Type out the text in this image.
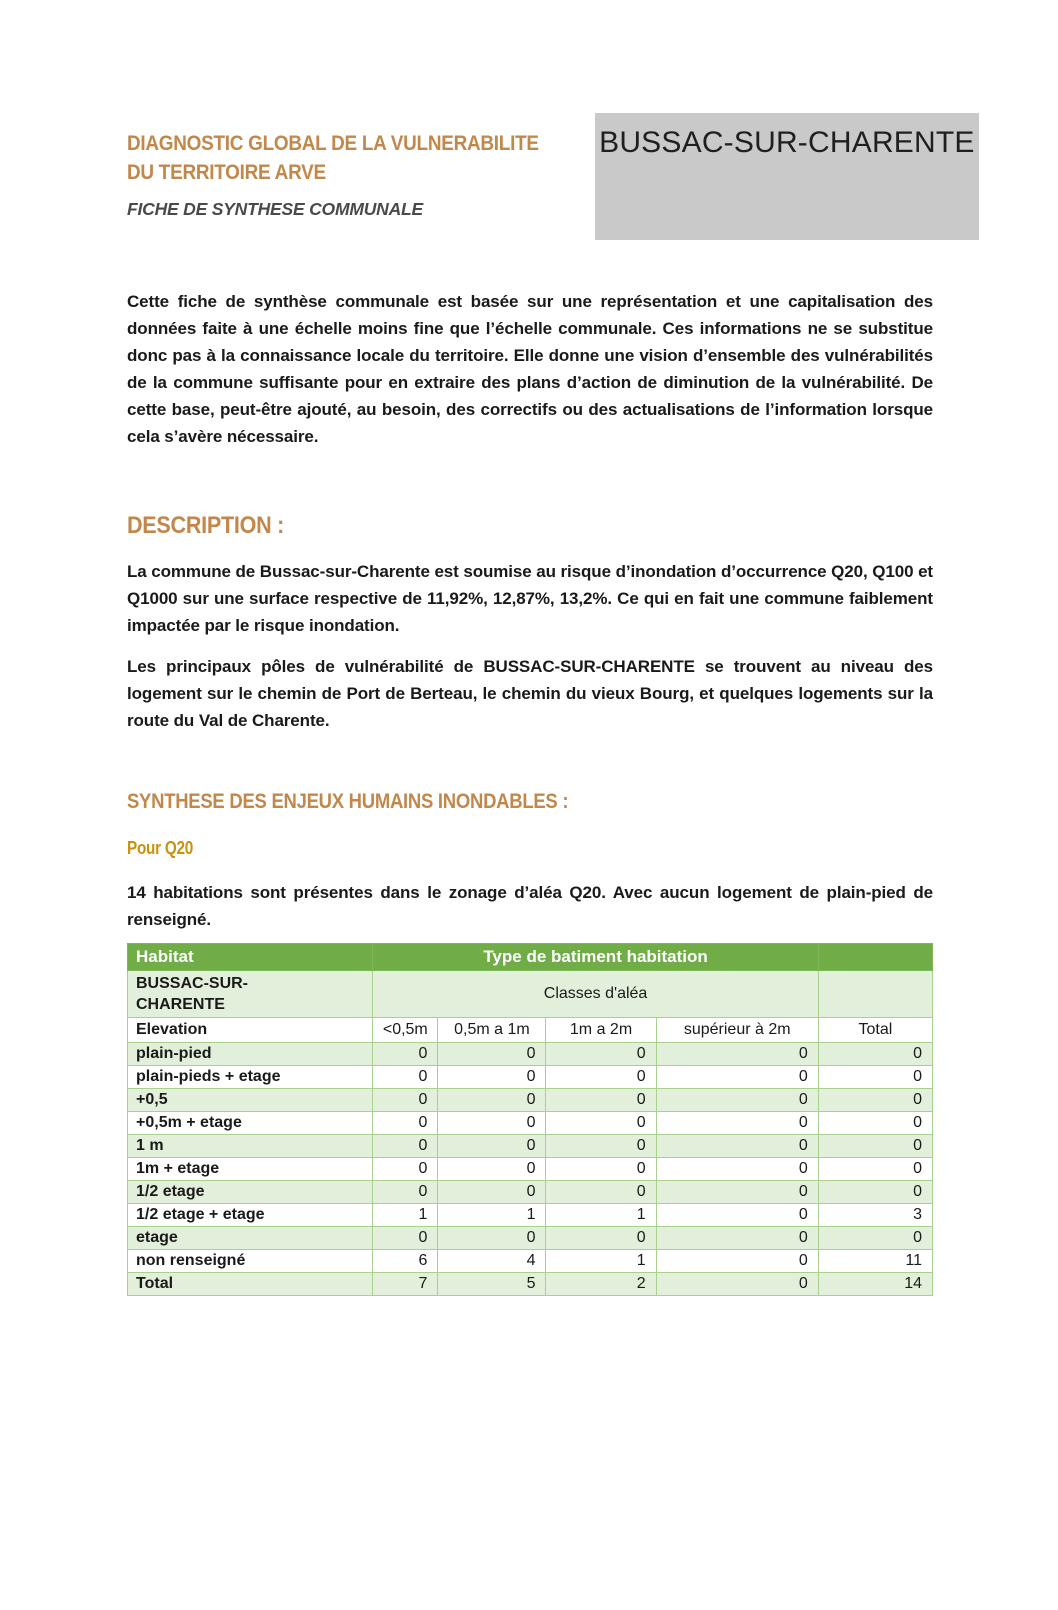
DIAGNOSTIC GLOBAL DE LA VULNERABILITE
DU TERRITOIRE ARVE
FICHE DE SYNTHESE COMMUNALE
BUSSAC-SUR-CHARENTE

Cette fiche de synthèse communale est basée sur une représentation et une capitalisation des données faite à une échelle moins fine que l’échelle communale. Ces informations ne se substitue donc pas à la connaissance locale du territoire. Elle donne une vision d’ensemble des vulnérabilités de la commune suffisante pour en extraire des plans d’action de diminution de la vulnérabilité. De cette base, peut-être ajouté, au besoin, des correctifs ou des actualisations de l’information lorsque cela s’avère nécessaire.

DESCRIPTION :

La commune de Bussac-sur-Charente est soumise au risque d’inondation d’occurrence Q20, Q100 et Q1000 sur une surface respective de 11,92%, 12,87%, 13,2%. Ce qui en fait une commune faiblement impactée par le risque inondation.

Les principaux pôles de vulnérabilité de BUSSAC-SUR-CHARENTE se trouvent au niveau des logement sur le chemin de Port de Berteau, le chemin du vieux Bourg, et quelques logements sur la route du Val de Charente.

SYNTHESE DES ENJEUX HUMAINS INONDABLES :
Pour Q20

14 habitations sont présentes dans le zonage d’aléa Q20. Avec aucun logement de plain-pied de renseigné.

Habitat	Type de batiment habitation				
BUSSAC-SUR-CHARENTE	Classes d'aléa				
Elevation	<0,5m	0,5m a 1m	1m a 2m	supérieur à 2m	Total
plain-pied	0	0	0	0	0
plain-pieds + etage	0	0	0	0	0
+0,5	0	0	0	0	0
+0,5m + etage	0	0	0	0	0
1 m	0	0	0	0	0
1m + etage	0	0	0	0	0
1/2 etage	0	0	0	0	0
1/2 etage + etage	1	1	1	0	3
etage	0	0	0	0	0
non renseigné	6	4	1	0	11
Total	7	5	2	0	14
